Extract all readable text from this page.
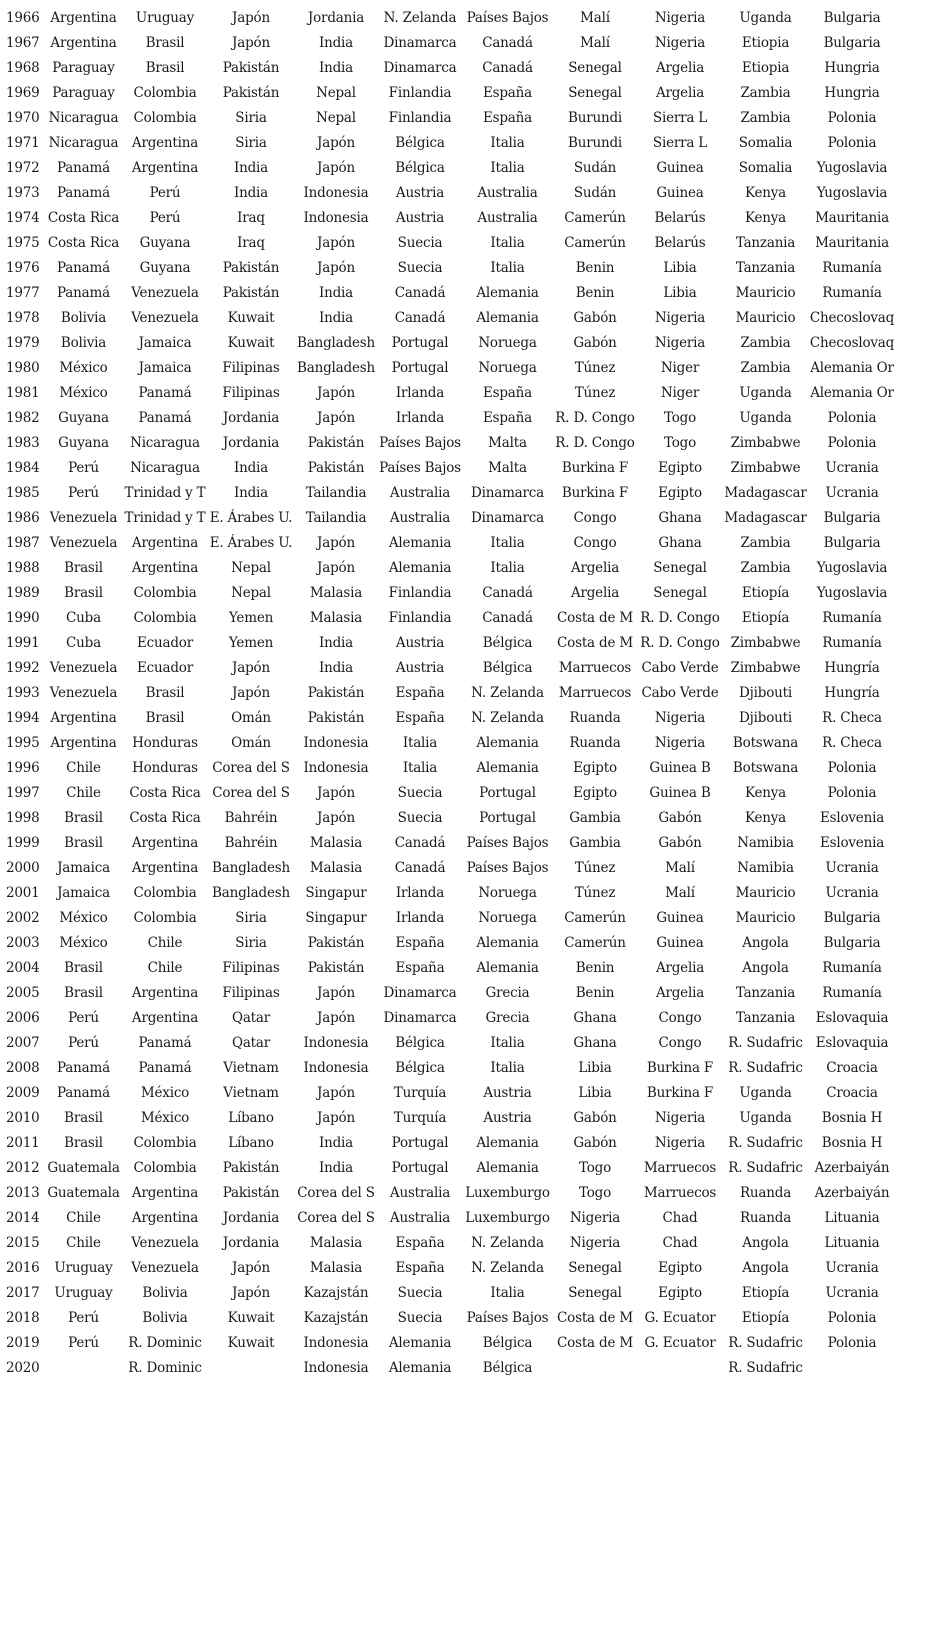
1966	Argentina	Uruguay	Japón	Jordania	N. Zelanda	Países Bajos	Malí	Nigeria	Uganda	Bulgaria
1967	Argentina	Brasil	Japón	India	Dinamarca	Canadá	Malí	Nigeria	Etiopia	Bulgaria
1968	Paraguay	Brasil	Pakistán	India	Dinamarca	Canadá	Senegal	Argelia	Etiopia	Hungria
1969	Paraguay	Colombia	Pakistán	Nepal	Finlandia	España	Senegal	Argelia	Zambia	Hungria
1970	Nicaragua	Colombia	Siria	Nepal	Finlandia	España	Burundi	Sierra L	Zambia	Polonia
1971	Nicaragua	Argentina	Siria	Japón	Bélgica	Italia	Burundi	Sierra L	Somalia	Polonia
1972	Panamá	Argentina	India	Japón	Bélgica	Italia	Sudán	Guinea	Somalia	Yugoslavia
1973	Panamá	Perú	India	Indonesia	Austria	Australia	Sudán	Guinea	Kenya	Yugoslavia
1974	Costa Rica	Perú	Iraq	Indonesia	Austria	Australia	Camerún	Belarús	Kenya	Mauritania
1975	Costa Rica	Guyana	Iraq	Japón	Suecia	Italia	Camerún	Belarús	Tanzania	Mauritania
1976	Panamá	Guyana	Pakistán	Japón	Suecia	Italia	Benin	Libia	Tanzania	Rumanía
1977	Panamá	Venezuela	Pakistán	India	Canadá	Alemania	Benin	Libia	Mauricio	Rumanía
1978	Bolivia	Venezuela	Kuwait	India	Canadá	Alemania	Gabón	Nigeria	Mauricio	Checoslovaq
1979	Bolivia	Jamaica	Kuwait	Bangladesh	Portugal	Noruega	Gabón	Nigeria	Zambia	Checoslovaq
1980	México	Jamaica	Filipinas	Bangladesh	Portugal	Noruega	Túnez	Niger	Zambia	Alemania Or
1981	México	Panamá	Filipinas	Japón	Irlanda	España	Túnez	Niger	Uganda	Alemania Or
1982	Guyana	Panamá	Jordania	Japón	Irlanda	España	R. D. Congo	Togo	Uganda	Polonia
1983	Guyana	Nicaragua	Jordania	Pakistán	Países Bajos	Malta	R. D. Congo	Togo	Zimbabwe	Polonia
1984	Perú	Nicaragua	India	Pakistán	Países Bajos	Malta	Burkina F	Egipto	Zimbabwe	Ucrania
1985	Perú	Trinidad y T	India	Tailandia	Australia	Dinamarca	Burkina F	Egipto	Madagascar	Ucrania
1986	Venezuela	Trinidad y T	E. Árabes U.	Tailandia	Australia	Dinamarca	Congo	Ghana	Madagascar	Bulgaria
1987	Venezuela	Argentina	E. Árabes U.	Japón	Alemania	Italia	Congo	Ghana	Zambia	Bulgaria
1988	Brasil	Argentina	Nepal	Japón	Alemania	Italia	Argelia	Senegal	Zambia	Yugoslavia
1989	Brasil	Colombia	Nepal	Malasia	Finlandia	Canadá	Argelia	Senegal	Etiopía	Yugoslavia
1990	Cuba	Colombia	Yemen	Malasia	Finlandia	Canadá	Costa de M	R. D. Congo	Etiopía	Rumanía
1991	Cuba	Ecuador	Yemen	India	Austria	Bélgica	Costa de M	R. D. Congo	Zimbabwe	Rumanía
1992	Venezuela	Ecuador	Japón	India	Austria	Bélgica	Marruecos	Cabo Verde	Zimbabwe	Hungría
1993	Venezuela	Brasil	Japón	Pakistán	España	N. Zelanda	Marruecos	Cabo Verde	Djibouti	Hungría
1994	Argentina	Brasil	Omán	Pakistán	España	N. Zelanda	Ruanda	Nigeria	Djibouti	R. Checa
1995	Argentina	Honduras	Omán	Indonesia	Italia	Alemania	Ruanda	Nigeria	Botswana	R. Checa
1996	Chile	Honduras	Corea del S	Indonesia	Italia	Alemania	Egipto	Guinea B	Botswana	Polonia
1997	Chile	Costa Rica	Corea del S	Japón	Suecia	Portugal	Egipto	Guinea B	Kenya	Polonia
1998	Brasil	Costa Rica	Bahréin	Japón	Suecia	Portugal	Gambia	Gabón	Kenya	Eslovenia
1999	Brasil	Argentina	Bahréin	Malasia	Canadá	Países Bajos	Gambia	Gabón	Namibia	Eslovenia
2000	Jamaica	Argentina	Bangladesh	Malasia	Canadá	Países Bajos	Túnez	Malí	Namibia	Ucrania
2001	Jamaica	Colombia	Bangladesh	Singapur	Irlanda	Noruega	Túnez	Malí	Mauricio	Ucrania
2002	México	Colombia	Siria	Singapur	Irlanda	Noruega	Camerún	Guinea	Mauricio	Bulgaria
2003	México	Chile	Siria	Pakistán	España	Alemania	Camerún	Guinea	Angola	Bulgaria
2004	Brasil	Chile	Filipinas	Pakistán	España	Alemania	Benin	Argelia	Angola	Rumanía
2005	Brasil	Argentina	Filipinas	Japón	Dinamarca	Grecia	Benin	Argelia	Tanzania	Rumanía
2006	Perú	Argentina	Qatar	Japón	Dinamarca	Grecia	Ghana	Congo	Tanzania	Eslovaquia
2007	Perú	Panamá	Qatar	Indonesia	Bélgica	Italia	Ghana	Congo	R. Sudafric	Eslovaquia
2008	Panamá	Panamá	Vietnam	Indonesia	Bélgica	Italia	Libia	Burkina F	R. Sudafric	Croacia
2009	Panamá	México	Vietnam	Japón	Turquía	Austria	Libia	Burkina F	Uganda	Croacia
2010	Brasil	México	Líbano	Japón	Turquía	Austria	Gabón	Nigeria	Uganda	Bosnia H
2011	Brasil	Colombia	Líbano	India	Portugal	Alemania	Gabón	Nigeria	R. Sudafric	Bosnia H
2012	Guatemala	Colombia	Pakistán	India	Portugal	Alemania	Togo	Marruecos	R. Sudafric	Azerbaiyán
2013	Guatemala	Argentina	Pakistán	Corea del S	Australia	Luxemburgo	Togo	Marruecos	Ruanda	Azerbaiyán
2014	Chile	Argentina	Jordania	Corea del S	Australia	Luxemburgo	Nigeria	Chad	Ruanda	Lituania
2015	Chile	Venezuela	Jordania	Malasia	España	N. Zelanda	Nigeria	Chad	Angola	Lituania
2016	Uruguay	Venezuela	Japón	Malasia	España	N. Zelanda	Senegal	Egipto	Angola	Ucrania
2017	Uruguay	Bolivia	Japón	Kazajstán	Suecia	Italia	Senegal	Egipto	Etiopía	Ucrania
2018	Perú	Bolivia	Kuwait	Kazajstán	Suecia	Países Bajos	Costa de M	G. Ecuator	Etiopía	Polonia
2019	Perú	R. Dominic	Kuwait	Indonesia	Alemania	Bélgica	Costa de M	G. Ecuator	R. Sudafric	Polonia
2020		R. Dominic		Indonesia	Alemania	Bélgica			R. Sudafric	
